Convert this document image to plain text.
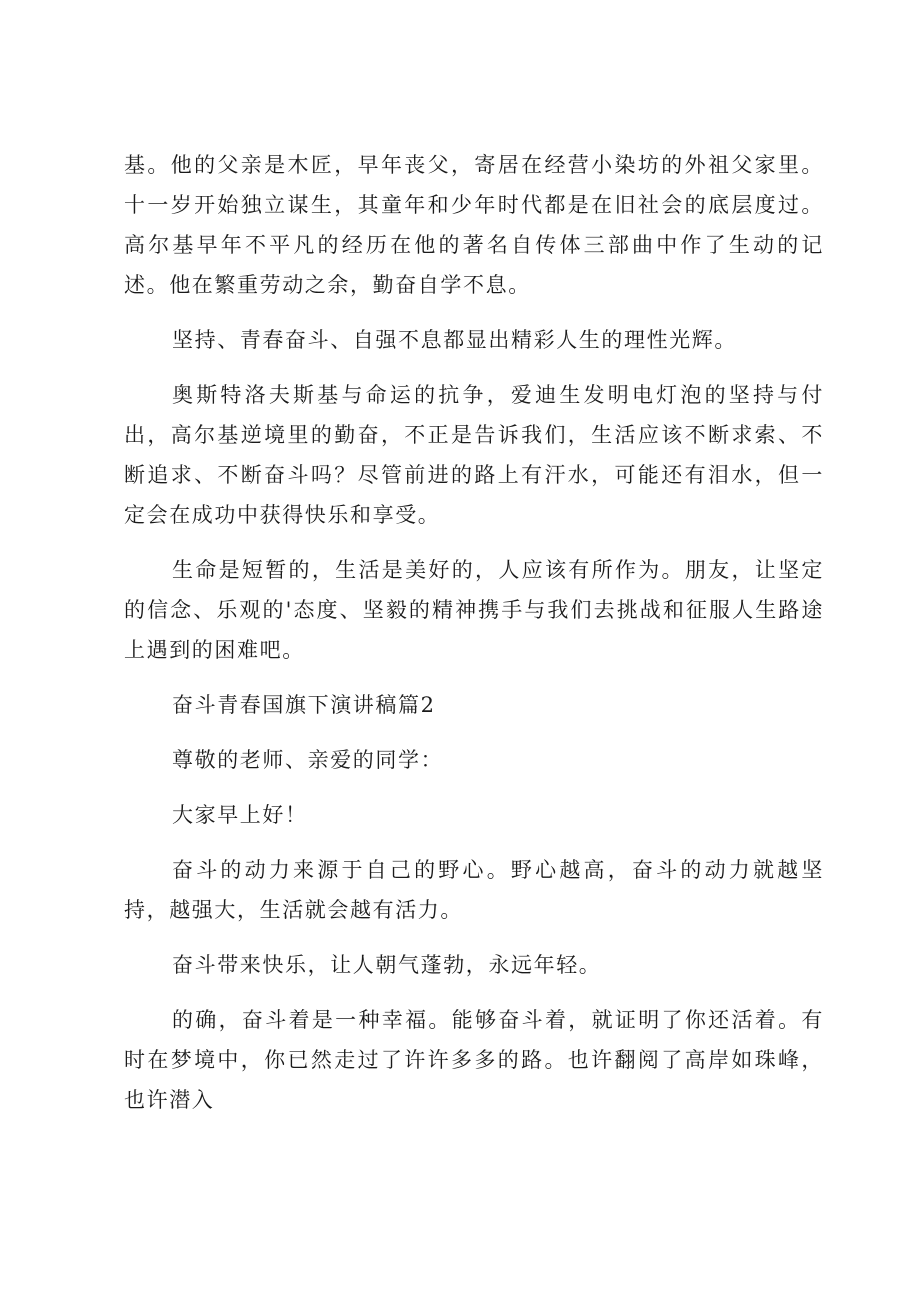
基。他的父亲是木匠，早年丧父，寄居在经营小染坊的外祖父家里。十一岁开始独立谋生，其童年和少年时代都是在旧社会的底层度过。高尔基早年不平凡的经历在他的著名自传体三部曲中作了生动的记述。他在繁重劳动之余，勤奋自学不息。

坚持、青春奋斗、自强不息都显出精彩人生的理性光辉。

奥斯特洛夫斯基与命运的抗争，爱迪生发明电灯泡的坚持与付出，高尔基逆境里的勤奋，不正是告诉我们，生活应该不断求索、不断追求、不断奋斗吗？尽管前进的路上有汗水，可能还有泪水，但一定会在成功中获得快乐和享受。

生命是短暂的，生活是美好的，人应该有所作为。朋友，让坚定的信念、乐观的'态度、坚毅的精神携手与我们去挑战和征服人生路途上遇到的困难吧。

奋斗青春国旗下演讲稿篇2

尊敬的老师、亲爱的同学：

大家早上好！

奋斗的动力来源于自己的野心。野心越高，奋斗的动力就越坚持，越强大，生活就会越有活力。

奋斗带来快乐，让人朝气蓬勃，永远年轻。

的确，奋斗着是一种幸福。能够奋斗着，就证明了你还活着。有时在梦境中，你已然走过了许许多多的路。也许翻阅了高岸如珠峰，也许潜入
